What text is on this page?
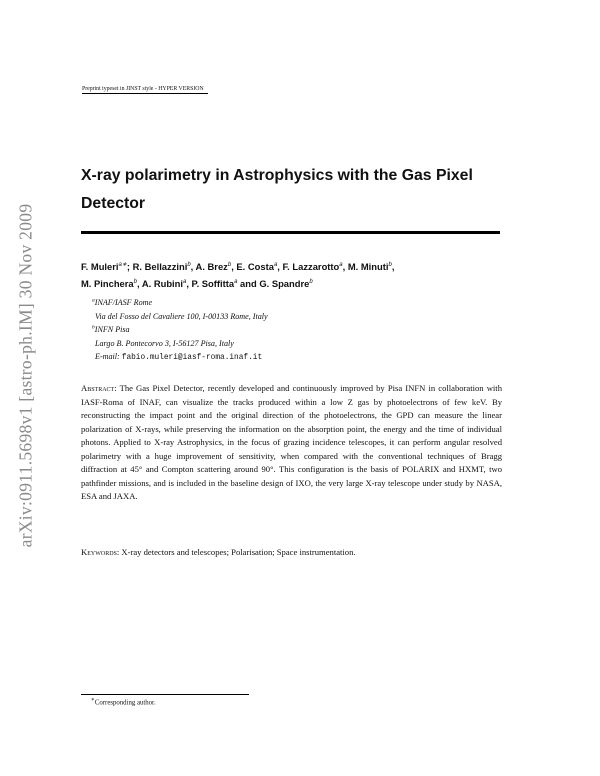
arXiv:0911.5698v1 [astro-ph.IM] 30 Nov 2009
Preprint typeset in JINST style - HYPER VERSION
X-ray polarimetry in Astrophysics with the Gas Pixel
Detector
F. Muleri$^{a∗}$; R. Bellazzini$^b$, A. Brez$^b$, E. Costa$^a$, F. Lazzarotto$^a$, M. Minuti$^b$,
M. Pinchera$^b$, A. Rubini$^a$, P. Soffitta$^a$ and G. Spandre$^b$
$^a$INAF/IASF Rome
Via del Fosso del Cavaliere 100, I-00133 Rome, Italy
$^b$INFN Pisa
Largo B. Pontecorvo 3, I-56127 Pisa, Italy
E-mail: fabio.muleri@iasf-roma.inaf.it

Abstract: The Gas Pixel Detector, recently developed and continuously improved by Pisa INFN in collaboration with IASF-Roma of INAF, can visualize the tracks produced within a low Z gas by photoelectrons of few keV. By reconstructing the impact point and the original direction of the photoelectrons, the GPD can measure the linear polarization of X-rays, while preserving the information on the absorption point, the energy and the time of individual photons. Applied to X-ray Astrophysics, in the focus of grazing incidence telescopes, it can perform angular resolved polarimetry with a huge improvement of sensitivity, when compared with the conventional techniques of Bragg diffraction at 45° and Compton scattering around 90°. This configuration is the basis of POLARIX and HXMT, two pathfinder missions, and is included in the baseline design of IXO, the very large X-ray telescope under study by NASA, ESA and JAXA.

Keywords: X-ray detectors and telescopes; Polarisation; Space instrumentation.
∗Corresponding author.
